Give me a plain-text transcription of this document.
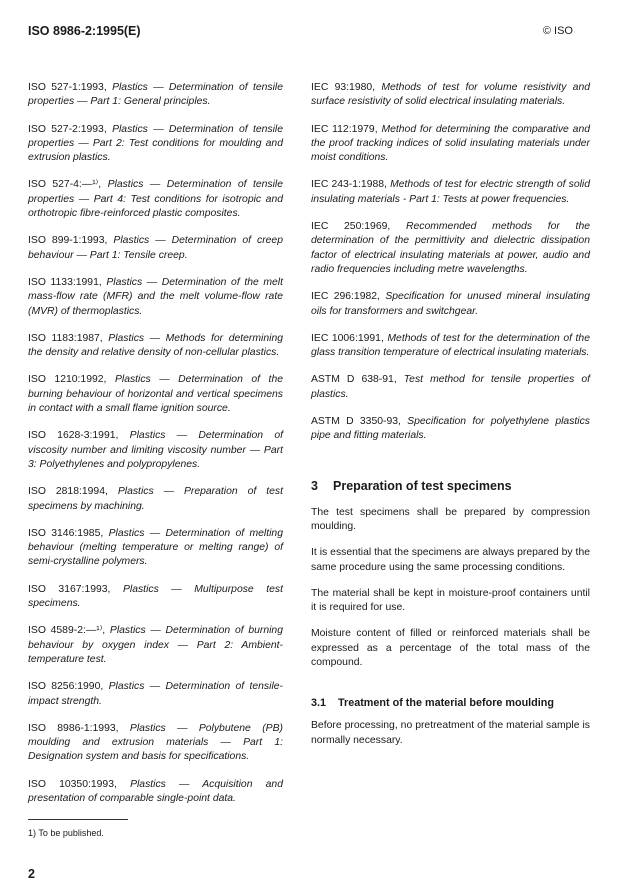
ISO 8986-2:1995(E)	© ISO

ISO 527-1:1993, Plastics — Determination of tensile properties — Part 1: General principles.

ISO 527-2:1993, Plastics — Determination of tensile properties — Part 2: Test conditions for moulding and extrusion plastics.

ISO 527-4:—¹⁾, Plastics — Determination of tensile properties — Part 4: Test conditions for isotropic and orthotropic fibre-reinforced plastic composites.

ISO 899-1:1993, Plastics — Determination of creep behaviour — Part 1: Tensile creep.

ISO 1133:1991, Plastics — Determination of the melt mass-flow rate (MFR) and the melt volume-flow rate (MVR) of thermoplastics.

ISO 1183:1987, Plastics — Methods for determining the density and relative density of non-cellular plastics.

ISO 1210:1992, Plastics — Determination of the burning behaviour of horizontal and vertical specimens in contact with a small flame ignition source.

ISO 1628-3:1991, Plastics — Determination of viscosity number and limiting viscosity number — Part 3: Polyethylenes and polypropylenes.

ISO 2818:1994, Plastics — Preparation of test specimens by machining.

ISO 3146:1985, Plastics — Determination of melting behaviour (melting temperature or melting range) of semi-crystalline polymers.

ISO 3167:1993, Plastics — Multipurpose test specimens.

ISO 4589-2:—¹⁾, Plastics — Determination of burning behaviour by oxygen index — Part 2: Ambient-temperature test.

ISO 8256:1990, Plastics — Determination of tensile-impact strength.

ISO 8986-1:1993, Plastics — Polybutene (PB) moulding and extrusion materials — Part 1: Designation system and basis for specifications.

ISO 10350:1993, Plastics — Acquisition and presentation of comparable single-point data.

1) To be published.
2

IEC 93:1980, Methods of test for volume resistivity and surface resistivity of solid electrical insulating materials.

IEC 112:1979, Method for determining the comparative and the proof tracking indices of solid insulating materials under moist conditions.

IEC 243-1:1988, Methods of test for electric strength of solid insulating materials - Part 1: Tests at power frequencies.

IEC 250:1969, Recommended methods for the determination of the permittivity and dielectric dissipation factor of electrical insulating materials at power, audio and radio frequencies including metre wavelengths.

IEC 296:1982, Specification for unused mineral insulating oils for transformers and switchgear.

IEC 1006:1991, Methods of test for the determination of the glass transition temperature of electrical insulating materials.

ASTM D 638-91, Test method for tensile properties of plastics.

ASTM D 3350-93, Specification for polyethylene plastics pipe and fitting materials.

3 Preparation of test specimens

The test specimens shall be prepared by compression moulding.

It is essential that the specimens are always prepared by the same procedure using the same processing conditions.

The material shall be kept in moisture-proof containers until it is required for use.

Moisture content of filled or reinforced materials shall be expressed as a percentage of the total mass of the compound.

3.1 Treatment of the material before moulding
Before processing, no pretreatment of the material sample is normally necessary.
